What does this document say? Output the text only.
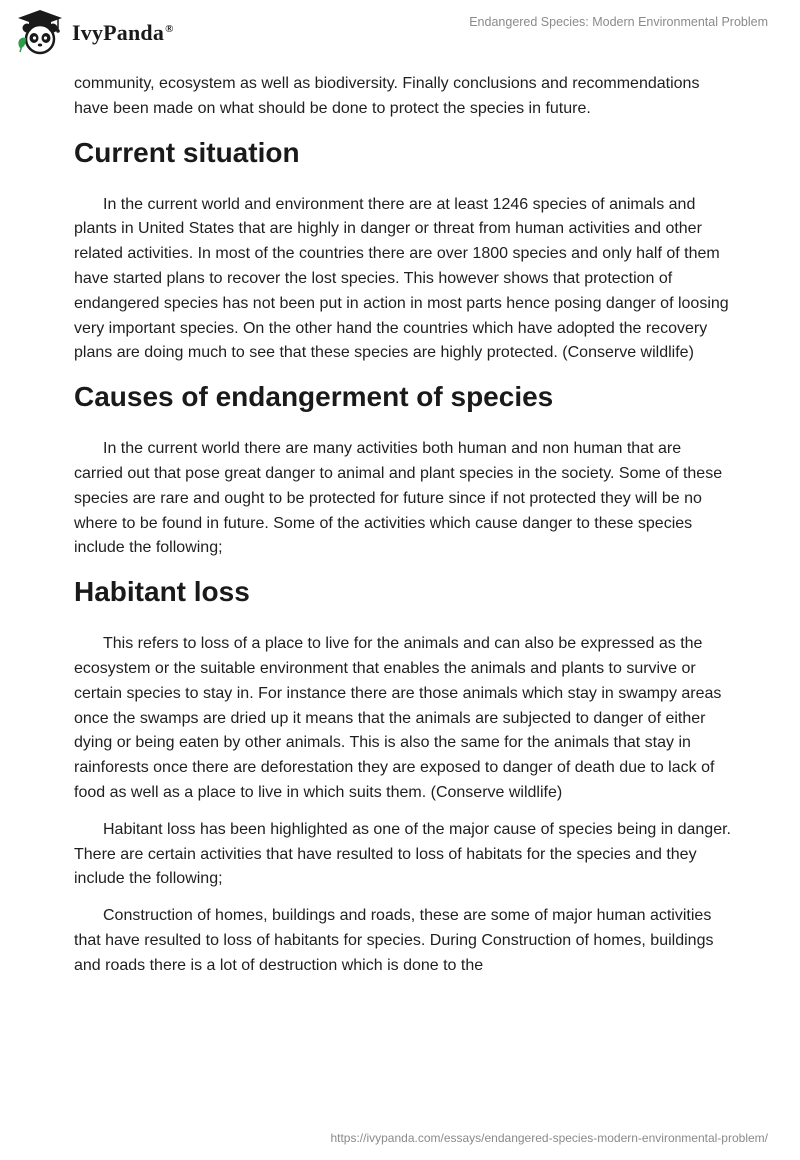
IvyPanda®	Endangered Species: Modern Environmental Problem

community, ecosystem as well as biodiversity. Finally conclusions and recommendations have been made on what should be done to protect the species in future.

Current situation

In the current world and environment there are at least 1246 species of animals and plants in United States that are highly in danger or threat from human activities and other related activities. In most of the countries there are over 1800 species and only half of them have started plans to recover the lost species. This however shows that protection of endangered species has not been put in action in most parts hence posing danger of loosing very important species. On the other hand the countries which have adopted the recovery plans are doing much to see that these species are highly protected. (Conserve wildlife)

Causes of endangerment of species

In the current world there are many activities both human and non human that are carried out that pose great danger to animal and plant species in the society. Some of these species are rare and ought to be protected for future since if not protected they will be no where to be found in future. Some of the activities which cause danger to these species include the following;

Habitant loss

This refers to loss of a place to live for the animals and can also be expressed as the ecosystem or the suitable environment that enables the animals and plants to survive or certain species to stay in. For instance there are those animals which stay in swampy areas once the swamps are dried up it means that the animals are subjected to danger of either dying or being eaten by other animals. This is also the same for the animals that stay in rainforests once there are deforestation they are exposed to danger of death due to lack of food as well as a place to live in which suits them. (Conserve wildlife)

Habitant loss has been highlighted as one of the major cause of species being in danger. There are certain activities that have resulted to loss of habitats for the species and they include the following;

Construction of homes, buildings and roads, these are some of major human activities that have resulted to loss of habitants for species. During Construction of homes, buildings and roads there is a lot of destruction which is done to the

https://ivypanda.com/essays/endangered-species-modern-environmental-problem/
